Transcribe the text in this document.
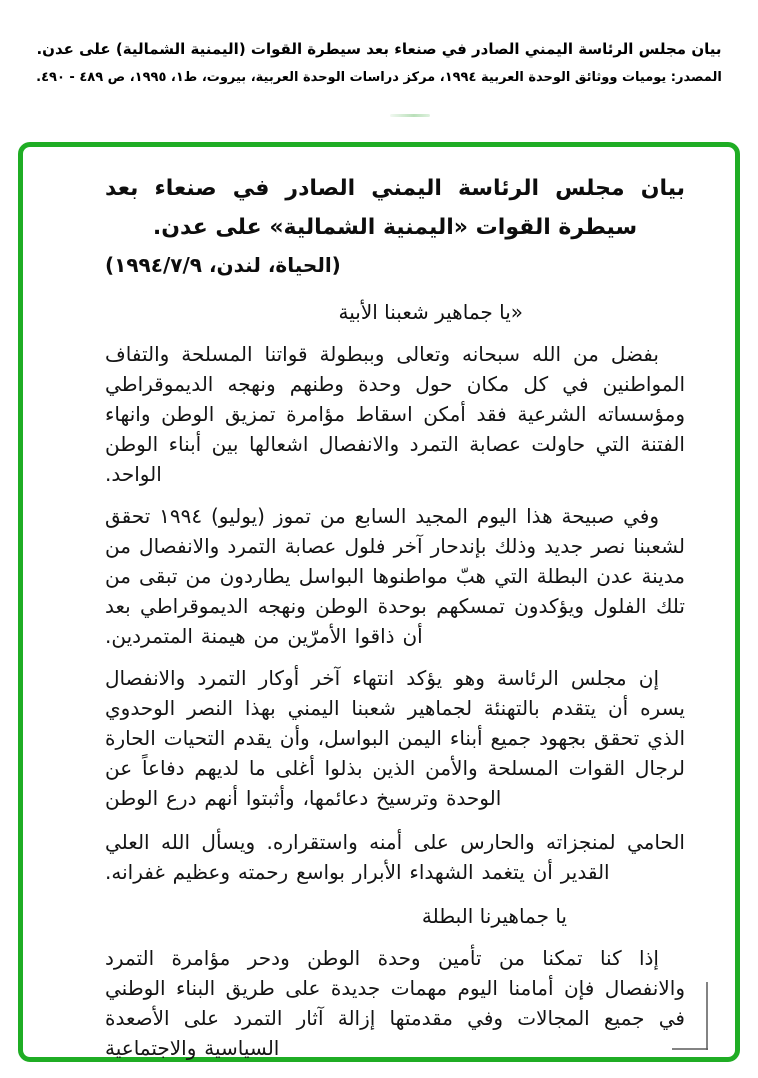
بيان مجلس الرئاسة اليمني الصادر في صنعاء بعد سيطرة القوات (اليمنية الشمالية) على عدن.
المصدر: يوميات ووثائق الوحدة العربية ١٩٩٤، مركز دراسات الوحدة العربية، بيروت، ط١، ١٩٩٥، ص ٤٨٩ - ٤٩٠.
بيان مجلس الرئاسة اليمني الصادر في صنعاء بعد سيطرة القوات «اليمنية الشمالية» على عدن.
(الحياة، لندن، ١٩٩٤/٧/٩)
«يا جماهير شعبنا الأبية
بفضل من الله سبحانه وتعالى وببطولة قواتنا المسلحة والتفاف المواطنين في كل مكان حول وحدة وطنهم ونهجه الديموقراطي ومؤسساته الشرعية فقد أمكن اسقاط مؤامرة تمزيق الوطن وانهاء الفتنة التي حاولت عصابة التمرد والانفصال اشعالها بين أبناء الوطن الواحد.
وفي صبيحة هذا اليوم المجيد السابع من تموز (يوليو) ١٩٩٤ تحقق لشعبنا نصر جديد وذلك بإندحار آخر فلول عصابة التمرد والانفصال من مدينة عدن البطلة التي هبّ مواطنوها البواسل يطاردون من تبقى من تلك الفلول ويؤكدون تمسكهم بوحدة الوطن ونهجه الديموقراطي بعد أن ذاقوا الأمرّين من هيمنة المتمردين.
إن مجلس الرئاسة وهو يؤكد انتهاء آخر أوكار التمرد والانفصال يسره أن يتقدم بالتهنئة لجماهير شعبنا اليمني بهذا النصر الوحدوي الذي تحقق بجهود جميع أبناء اليمن البواسل، وأن يقدم التحيات الحارة لرجال القوات المسلحة والأمن الذين بذلوا أغلى ما لديهم دفاعاً عن الوحدة وترسيخ دعائمها، وأثبتوا أنهم درع الوطن
الحامي لمنجزاته والحارس على أمنه واستقراره. ويسأل الله العلي القدير أن يتغمد الشهداء الأبرار بواسع رحمته وعظيم غفرانه.
يا جماهيرنا البطلة
إذا كنا تمكنا من تأمين وحدة الوطن ودحر مؤامرة التمرد والانفصال فإن أمامنا اليوم مهمات جديدة على طريق البناء الوطني في جميع المجالات وفي مقدمتها إزالة آثار التمرد على الأصعدة السياسية والاجتماعية
